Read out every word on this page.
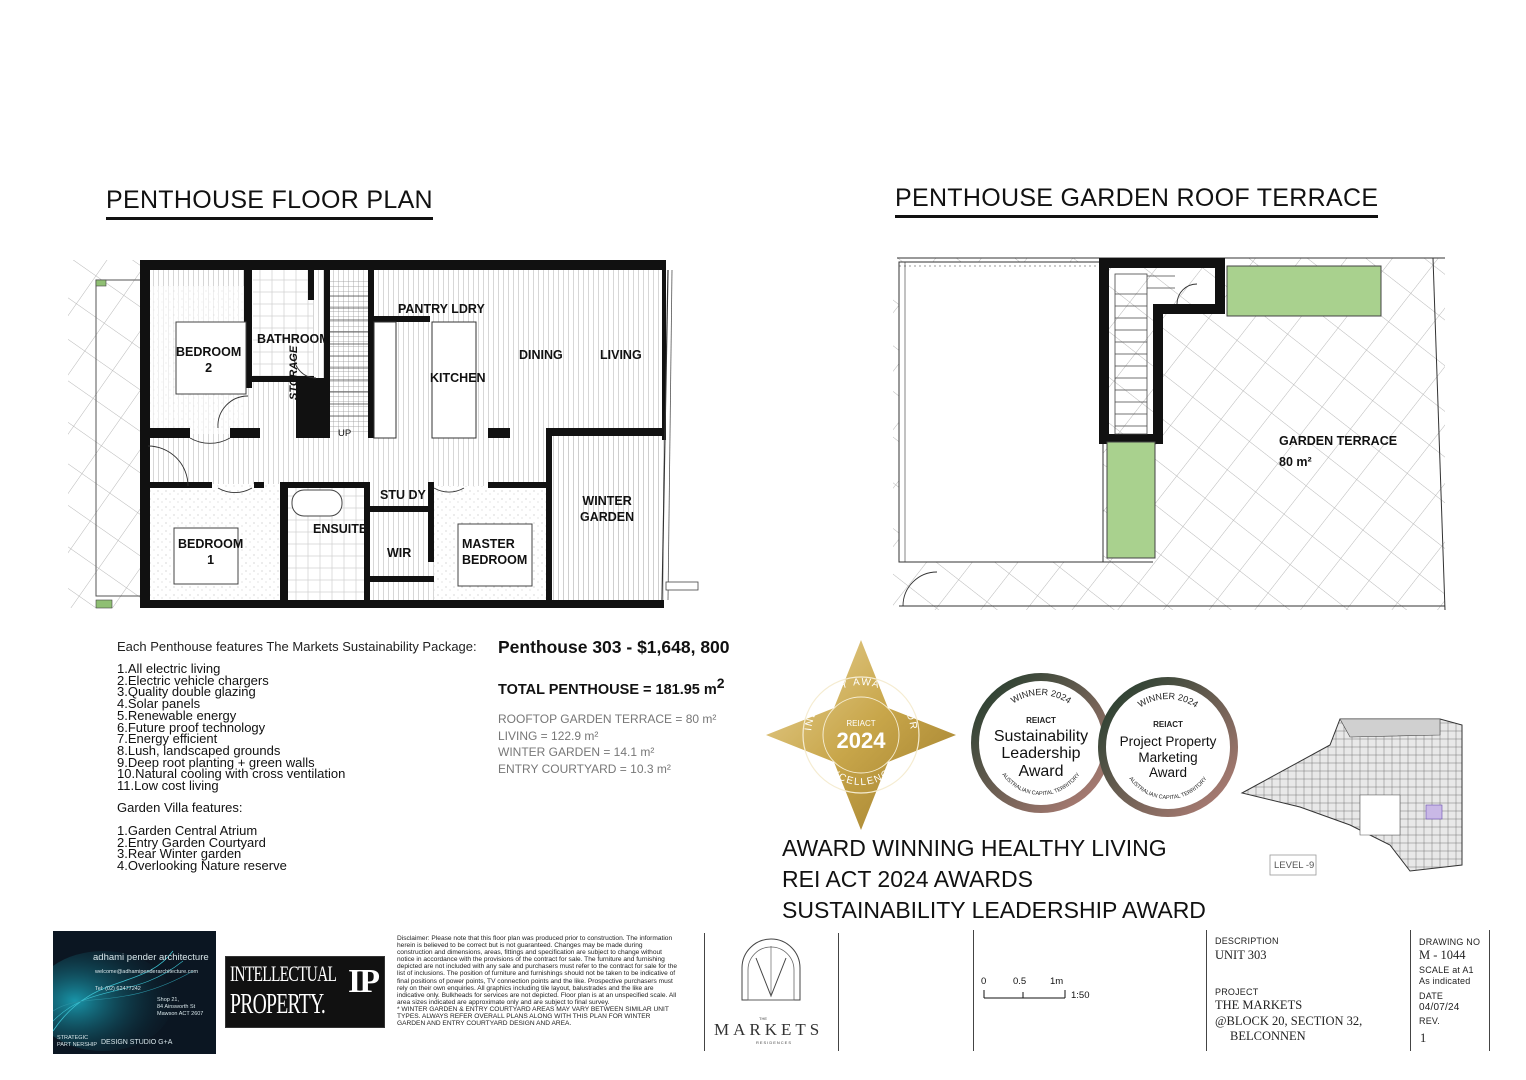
PENTHOUSE FLOOR PLAN	PENTHOUSE GARDEN ROOF TERRACE
BEDROOM
2
BATHROOM
PANTRY LDRY
DINING	LIVING
KITCHEN
STORAGE
UP
STU DY
ENSUITE
WINTER
GARDEN
BEDROOM
1	WIR
MASTER
BEDROOM
GARDEN TERRACE
80 m²
Each Penthouse features The Markets Sustainability Package:
1.All electric living
2.Electric vehicle chargers
3.Quality double glazing
4.Solar panels
5.Renewable energy
6.Future proof technology
7.Energy efficient
8.Lush, landscaped grounds
9.Deep root planting + green walls
10.Natural cooling with cross ventilation
11.Low cost living
Garden Villa features:
1.Garden Central Atrium
2.Entry Garden Courtyard
3.Rear Winter garden
4.Overlooking Nature reserve
Penthouse 303 - $1,648, 800
TOTAL PENTHOUSE = 181.95 $m^2$
ROOFTOP GARDEN TERRACE = 80 m²
LIVING = 122.9 m²
WINTER GARDEN = 14.1 m²
ENTRY COURTYARD = 10.3 m²
REIACT
2024
INDUSTRY AWARDS FOR
EXCELLENCE
WINNER 2024
REIACT
Sustainability
Leadership
Award
AUSTRALIAN CAPITAL TERRITORY
WINNER 2024
REIACT
Project Property
Marketing
Award
AUSTRALIAN CAPITAL TERRITORY
LEVEL -9
AWARD WINNING HEALTHY LIVING
REI ACT 2024 AWARDS
SUSTAINABILITY LEADERSHIP AWARD
adhami pender architecture
welcome@adhamipenderarchitecture.com
Tel: (02) 62477242
Shop 21,
84 Ainsworth St
Mawson ACT 2607
STRATEGIC
PART NERSHIP DESIGN STUDIO G+A
INTELLECTUAL
PROPERTY.
IP
Disclaimer: Please note that this floor plan was produced prior to construction. The information herein is believed to be correct but is not guaranteed. Changes may be made during construction and dimensions, areas, fittings and specification are subject to change without notice in accordance with the provisions of the contract for sale. The furniture and furnishing depicted are not included with any sale and purchasers must refer to the contract for sale for the list of inclusions. The position of furniture and furnishings should not be taken to be indicative of final positions of power points, TV connection points and the like. Prospective purchasers must rely on their own enquiries. All graphics including tile layout, balustrades and the like are indicative only. Bulkheads for services are not depicted. Floor plan is at an unspecified scale. All area sizes indicated are approximate only and are subject to final survey.
* WINTER GARDEN & ENTRY COURTYARD AREAS MAY VARY BETWEEN SIMILAR UNIT TYPES. ALWAYS REFER OVERALL PLANS ALONG WITH THIS PLAN FOR WINTER GARDEN AND ENTRY COURTYARD DESIGN AND AREA.
THE
MARKETS
RESIDENCES
0	0.5	1m
1:50
DESCRIPTION
UNIT 303
PROJECT
THE MARKETS
@BLOCK 20, SECTION 32,
BELCONNEN
DRAWING NO
M - 1044
SCALE at A1
As indicated
DATE
04/07/24
REV.
1
